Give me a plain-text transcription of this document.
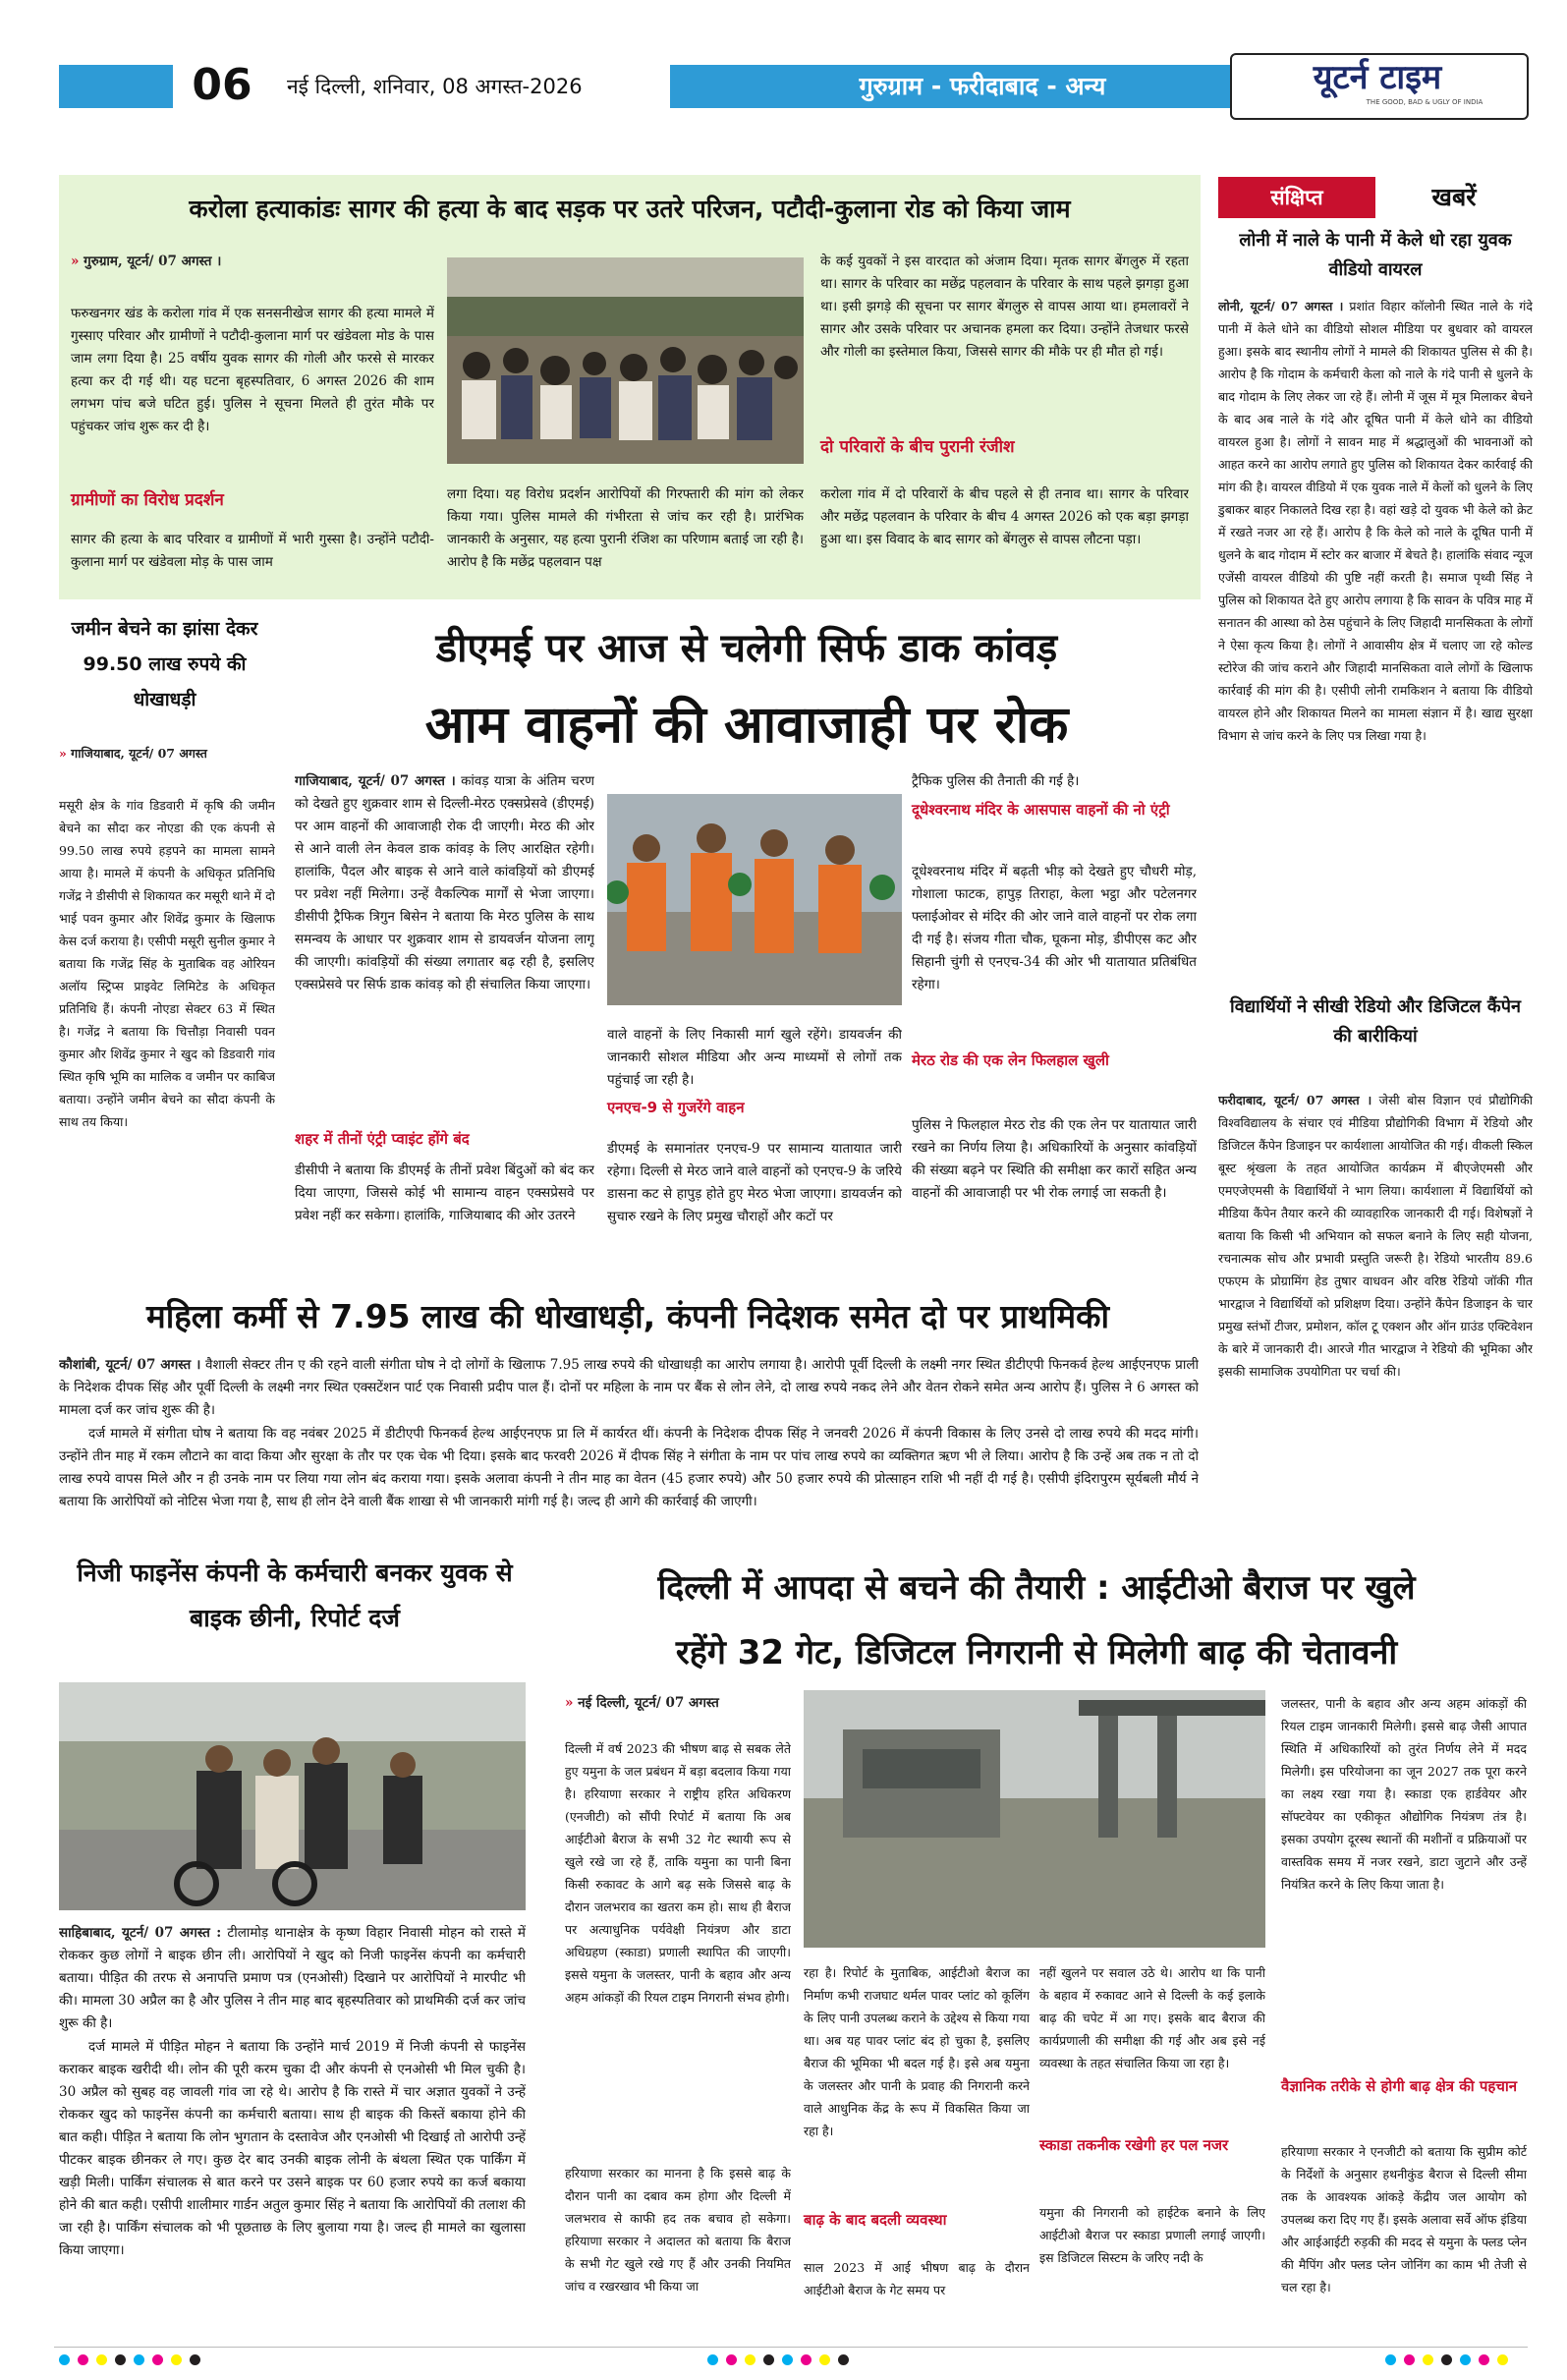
06	नई दिल्ली, शनिवार, 08 अगस्त-2026	गुरुग्राम - फरीदाबाद - अन्य	यूटर्न टाइम
THE GOOD, BAD & UGLY OF INDIA
करोला हत्याकांडः सागर की हत्या के बाद सड़क पर उतरे परिजन, पटौदी-कुलाना रोड को किया जाम
» गुरुग्राम, यूटर्न/ 07 अगस्त ।

फरुखनगर खंड के करोला गांव में एक सनसनीखेज सागर की हत्या मामले में गुस्साए परिवार और ग्रामीणों ने पटौदी-कुलाना मार्ग पर खंडेवला मोड के पास जाम लगा दिया है। 25 वर्षीय युवक सागर की गोली और फरसे से मारकर हत्या कर दी गई थी। यह घटना बृहस्पतिवार, 6 अगस्त 2026 की शाम लगभग पांच बजे घटित हुई। पुलिस ने सूचना मिलते ही तुरंत मौके पर पहुंचकर जांच शुरू कर दी है।

ग्रामीणों का विरोध प्रदर्शन

सागर की हत्या के बाद परिवार व ग्रामीणों में भारी गुस्सा है। उन्होंने पटौदी-कुलाना मार्ग पर खंडेवला मोड़ के पास जाम

लगा दिया। यह विरोध प्रदर्शन आरोपियों की गिरफ्तारी की मांग को लेकर किया गया। पुलिस मामले की गंभीरता से जांच कर रही है। प्रारंभिक जानकारी के अनुसार, यह हत्या पुरानी रंजिश का परिणाम बताई जा रही है। आरोप है कि मछेंद्र पहलवान पक्ष

के कई युवकों ने इस वारदात को अंजाम दिया। मृतक सागर बेंगलुरु में रहता था। सागर के परिवार का मछेंद्र पहलवान के परिवार के साथ पहले झगड़ा हुआ था। इसी झगड़े की सूचना पर सागर बेंगलुरु से वापस आया था। हमलावरों ने सागर और उसके परिवार पर अचानक हमला कर दिया। उन्होंने तेजधार फरसे और गोली का इस्तेमाल किया, जिससे सागर की मौके पर ही मौत हो गई।

दो परिवारों के बीच पुरानी रंजीश

करोला गांव में दो परिवारों के बीच पहले से ही तनाव था। सागर के परिवार और मछेंद्र पहलवान के परिवार के बीच 4 अगस्त 2026 को एक बड़ा झगड़ा हुआ था। इस विवाद के बाद सागर को बेंगलुरु से वापस लौटना पड़ा।

संक्षिप्त	खबरें
लोनी में नाले के पानी में केले धो रहा युवक वीडियो वायरल

लोनी, यूटर्न/ 07 अगस्त । प्रशांत विहार कॉलोनी स्थित नाले के गंदे पानी में केले धोने का वीडियो सोशल मीडिया पर बुधवार को वायरल हुआ। इसके बाद स्थानीय लोगों ने मामले की शिकायत पुलिस से की है। आरोप है कि गोदाम के कर्मचारी केला को नाले के गंदे पानी से धुलने के बाद गोदाम के लिए लेकर जा रहे हैं। लोनी में जूस में मूत्र मिलाकर बेचने के बाद अब नाले के गंदे और दूषित पानी में केले धोने का वीडियो वायरल हुआ है। लोगों ने सावन माह में श्रद्धालुओं की भावनाओं को आहत करने का आरोप लगाते हुए पुलिस को शिकायत देकर कार्रवाई की मांग की है। वायरल वीडियो में एक युवक नाले में केलों को धुलने के लिए डुबाकर बाहर निकालते दिख रहा है। वहां खड़े दो युवक भी केले को क्रेट में रखते नजर आ रहे हैं। आरोप है कि केले को नाले के दूषित पानी में धुलने के बाद गोदाम में स्टोर कर बाजार में बेचते है। हालांकि संवाद न्यूज एजेंसी वायरल वीडियो की पुष्टि नहीं करती है। समाज पृथ्वी सिंह ने पुलिस को शिकायत देते हुए आरोप लगाया है कि सावन के पवित्र माह में सनातन की आस्था को ठेस पहुंचाने के लिए जिहादी मानसिकता के लोगों ने ऐसा कृत्य किया है। लोगों ने आवासीय क्षेत्र में चलाए जा रहे कोल्ड स्टोरेज की जांच कराने और जिहादी मानसिकता वाले लोगों के खिलाफ कार्रवाई की मांग की है। एसीपी लोनी रामकिशन ने बताया कि वीडियो वायरल होने और शिकायत मिलने का मामला संज्ञान में है। खाद्य सुरक्षा विभाग से जांच करने के लिए पत्र लिखा गया है।

विद्यार्थियों ने सीखी रेडियो और डिजिटल कैंपेन की बारीकियां

फरीदाबाद, यूटर्न/ 07 अगस्त । जेसी बोस विज्ञान एवं प्रौद्योगिकी विश्वविद्यालय के संचार एवं मीडिया प्रौद्योगिकी विभाग में रेडियो और डिजिटल कैंपेन डिजाइन पर कार्यशाला आयोजित की गई। वीकली स्किल बूस्ट श्रृंखला के तहत आयोजित कार्यक्रम में बीएजेएमसी और एमएजेएमसी के विद्यार्थियों ने भाग लिया। कार्यशाला में विद्यार्थियों को मीडिया कैंपेन तैयार करने की व्यावहारिक जानकारी दी गई। विशेषज्ञों ने बताया कि किसी भी अभियान को सफल बनाने के लिए सही योजना, रचनात्मक सोच और प्रभावी प्रस्तुति जरूरी है। रेडियो भारतीय 89.6 एफएम के प्रोग्रामिंग हेड तुषार वाधवन और वरिष्ठ रेडियो जॉकी गीत भारद्वाज ने विद्यार्थियों को प्रशिक्षण दिया। उन्होंने कैंपेन डिजाइन के चार प्रमुख स्तंभों टीजर, प्रमोशन, कॉल टू एक्शन और ऑन ग्राउंड एक्टिवेशन के बारे में जानकारी दी। आरजे गीत भारद्वाज ने रेडियो की भूमिका और इसकी सामाजिक उपयोगिता पर चर्चा की।

जमीन बेचने का झांसा देकर 99.50 लाख रुपये की धोखाधड़ी
» गाजियाबाद, यूटर्न/ 07 अगस्त

मसूरी क्षेत्र के गांव डिडवारी में कृषि की जमीन बेचने का सौदा कर नोएडा की एक कंपनी से 99.50 लाख रुपये हड़पने का मामला सामने आया है। मामले में कंपनी के अधिकृत प्रतिनिधि गजेंद्र ने डीसीपी से शिकायत कर मसूरी थाने में दो भाई पवन कुमार और शिवेंद्र कुमार के खिलाफ केस दर्ज कराया है। एसीपी मसूरी सुनील कुमार ने बताया कि गजेंद्र सिंह के मुताबिक वह ओरियन अलॉय स्ट्रिप्स प्राइवेट लिमिटेड के अधिकृत प्रतिनिधि हैं। कंपनी नोएडा सेक्टर 63 में स्थित है। गजेंद्र ने बताया कि चित्तौड़ा निवासी पवन कुमार और शिवेंद्र कुमार ने खुद को डिडवारी गांव स्थित कृषि भूमि का मालिक व जमीन पर काबिज बताया। उन्होंने जमीन बेचने का सौदा कंपनी के साथ तय किया।

डीएमई पर आज से चलेगी सिर्फ डाक कांवड़
आम वाहनों की आवाजाही पर रोक

गाजियाबाद, यूटर्न/ 07 अगस्त । कांवड़ यात्रा के अंतिम चरण को देखते हुए शुक्रवार शाम से दिल्ली-मेरठ एक्सप्रेसवे (डीएमई) पर आम वाहनों की आवाजाही रोक दी जाएगी। मेरठ की ओर से आने वाली लेन केवल डाक कांवड़ के लिए आरक्षित रहेगी। हालांकि, पैदल और बाइक से आने वाले कांवड़ियों को डीएमई पर प्रवेश नहीं मिलेगा। उन्हें वैकल्पिक मार्गों से भेजा जाएगा। डीसीपी ट्रैफिक त्रिगुन बिसेन ने बताया कि मेरठ पुलिस के साथ समन्वय के आधार पर शुक्रवार शाम से डायवर्जन योजना लागू की जाएगी। कांवड़ियों की संख्या लगातार बढ़ रही है, इसलिए एक्सप्रेसवे पर सिर्फ डाक कांवड़ को ही संचालित किया जाएगा।

शहर में तीनों एंट्री प्वाइंट होंगे बंद

डीसीपी ने बताया कि डीएमई के तीनों प्रवेश बिंदुओं को बंद कर दिया जाएगा, जिससे कोई भी सामान्य वाहन एक्सप्रेसवे पर प्रवेश नहीं कर सकेगा। हालांकि, गाजियाबाद की ओर उतरने

वाले वाहनों के लिए निकासी मार्ग खुले रहेंगे। डायवर्जन की जानकारी सोशल मीडिया और अन्य माध्यमों से लोगों तक पहुंचाई जा रही है।

एनएच-9 से गुजरेंगे वाहन

डीएमई के समानांतर एनएच-9 पर सामान्य यातायात जारी रहेगा। दिल्ली से मेरठ जाने वाले वाहनों को एनएच-9 के जरिये डासना कट से हापुड़ होते हुए मेरठ भेजा जाएगा। डायवर्जन को सुचारु रखने के लिए प्रमुख चौराहों और कटों पर

ट्रैफिक पुलिस की तैनाती की गई है।

दूधेश्वरनाथ मंदिर के आसपास वाहनों की नो एंट्री

दूधेश्वरनाथ मंदिर में बढ़ती भीड़ को देखते हुए चौधरी मोड़, गोशाला फाटक, हापुड़ तिराहा, केला भट्ठा और पटेलनगर फ्लाईओवर से मंदिर की ओर जाने वाले वाहनों पर रोक लगा दी गई है। संजय गीता चौक, घूकना मोड़, डीपीएस कट और सिहानी चुंगी से एनएच-34 की ओर भी यातायात प्रतिबंधित रहेगा।

मेरठ रोड की एक लेन फिलहाल खुली

पुलिस ने फिलहाल मेरठ रोड की एक लेन पर यातायात जारी रखने का निर्णय लिया है। अधिकारियों के अनुसार कांवड़ियों की संख्या बढ़ने पर स्थिति की समीक्षा कर कारों सहित अन्य वाहनों की आवाजाही पर भी रोक लगाई जा सकती है।

महिला कर्मी से 7.95 लाख की धोखाधड़ी, कंपनी निदेशक समेत दो पर प्राथमिकी

कौशांबी, यूटर्न/ 07 अगस्त । वैशाली सेक्टर तीन ए की रहने वाली संगीता घोष ने दो लोगों के खिलाफ 7.95 लाख रुपये की धोखाधड़ी का आरोप लगाया है। आरोपी पूर्वी दिल्ली के लक्ष्मी नगर स्थित डीटीएपी फिनकर्व हेल्थ आईएनएफ प्राली के निदेशक दीपक सिंह और पूर्वी दिल्ली के लक्ष्मी नगर स्थित एक्सटेंशन पार्ट एक निवासी प्रदीप पाल हैं। दोनों पर महिला के नाम पर बैंक से लोन लेने, दो लाख रुपये नकद लेने और वेतन रोकने समेत अन्य आरोप हैं। पुलिस ने 6 अगस्त को मामला दर्ज कर जांच शुरू की है।

दर्ज मामले में संगीता घोष ने बताया कि वह नवंबर 2025 में डीटीएपी फिनकर्व हेल्थ आईएनएफ प्रा लि में कार्यरत थीं। कंपनी के निदेशक दीपक सिंह ने जनवरी 2026 में कंपनी विकास के लिए उनसे दो लाख रुपये की मदद मांगी। उन्होंने तीन माह में रकम लौटाने का वादा किया और सुरक्षा के तौर पर एक चेक भी दिया। इसके बाद फरवरी 2026 में दीपक सिंह ने संगीता के नाम पर पांच लाख रुपये का व्यक्तिगत ऋण भी ले लिया। आरोप है कि उन्हें अब तक न तो दो लाख रुपये वापस मिले और न ही उनके नाम पर लिया गया लोन बंद कराया गया। इसके अलावा कंपनी ने तीन माह का वेतन (45 हजार रुपये) और 50 हजार रुपये की प्रोत्साहन राशि भी नहीं दी गई है। एसीपी इंदिरापुरम सूर्यबली मौर्य ने बताया कि आरोपियों को नोटिस भेजा गया है, साथ ही लोन देने वाली बैंक शाखा से भी जानकारी मांगी गई है। जल्द ही आगे की कार्रवाई की जाएगी।

निजी फाइनेंस कंपनी के कर्मचारी बनकर युवक से बाइक छीनी, रिपोर्ट दर्ज

साहिबाबाद, यूटर्न/ 07 अगस्त : टीलामोड़ थानाक्षेत्र के कृष्ण विहार निवासी मोहन को रास्ते में रोककर कुछ लोगों ने बाइक छीन ली। आरोपियों ने खुद को निजी फाइनेंस कंपनी का कर्मचारी बताया। पीड़ित की तरफ से अनापत्ति प्रमाण पत्र (एनओसी) दिखाने पर आरोपियों ने मारपीट भी की। मामला 30 अप्रैल का है और पुलिस ने तीन माह बाद बृहस्पतिवार को प्राथमिकी दर्ज कर जांच शुरू की है।

दर्ज मामले में पीड़ित मोहन ने बताया कि उन्होंने मार्च 2019 में निजी कंपनी से फाइनेंस कराकर बाइक खरीदी थी। लोन की पूरी करम चुका दी और कंपनी से एनओसी भी मिल चुकी है। 30 अप्रैल को सुबह वह जावली गांव जा रहे थे। आरोप है कि रास्ते में चार अज्ञात युवकों ने उन्हें रोककर खुद को फाइनेंस कंपनी का कर्मचारी बताया। साथ ही बाइक की किस्तें बकाया होने की बात कही। पीड़ित ने बताया कि लोन भुगतान के दस्तावेज और एनओसी भी दिखाई तो आरोपी उन्हें पीटकर बाइक छीनकर ले गए। कुछ देर बाद उनकी बाइक लोनी के बंथला स्थित एक पार्किंग में खड़ी मिली। पार्किंग संचालक से बात करने पर उसने बाइक पर 60 हजार रुपये का कर्ज बकाया होने की बात कही। एसीपी शालीमार गार्डन अतुल कुमार सिंह ने बताया कि आरोपियों की तलाश की जा रही है। पार्किंग संचालक को भी पूछताछ के लिए बुलाया गया है। जल्द ही मामले का खुलासा किया जाएगा।

दिल्ली में आपदा से बचने की तैयारी : आईटीओ बैराज पर खुले
रहेंगे 32 गेट, डिजिटल निगरानी से मिलेगी बाढ़ की चेतावनी
» नई दिल्ली, यूटर्न/ 07 अगस्त

दिल्ली में वर्ष 2023 की भीषण बाढ़ से सबक लेते हुए यमुना के जल प्रबंधन में बड़ा बदलाव किया गया है। हरियाणा सरकार ने राष्ट्रीय हरित अधिकरण (एनजीटी) को सौंपी रिपोर्ट में बताया कि अब आईटीओ बैराज के सभी 32 गेट स्थायी रूप से खुले रखे जा रहे हैं, ताकि यमुना का पानी बिना किसी रुकावट के आगे बढ़ सके जिससे बाढ़ के दौरान जलभराव का खतरा कम हो। साथ ही बैराज पर अत्याधुनिक पर्यवेक्षी नियंत्रण और डाटा अधिग्रहण (स्काडा) प्रणाली स्थापित की जाएगी। इससे यमुना के जलस्तर, पानी के बहाव और अन्य अहम आंकड़ों की रियल टाइम निगरानी संभव होगी।

हरियाणा सरकार का मानना है कि इससे बाढ़ के दौरान पानी का दबाव कम होगा और दिल्ली में जलभराव से काफी हद तक बचाव हो सकेगा। हरियाणा सरकार ने अदालत को बताया कि बैराज के सभी गेट खुले रखे गए हैं और उनकी नियमित जांच व रखरखाव भी किया जा

रहा है। रिपोर्ट के मुताबिक, आईटीओ बैराज का निर्माण कभी राजघाट थर्मल पावर प्लांट को कूलिंग के लिए पानी उपलब्ध कराने के उद्देश्य से किया गया था। अब यह पावर प्लांट बंद हो चुका है, इसलिए बैराज की भूमिका भी बदल गई है। इसे अब यमुना के जलस्तर और पानी के प्रवाह की निगरानी करने वाले आधुनिक केंद्र के रूप में विकसित किया जा रहा है।

बाढ़ के बाद बदली व्यवस्था

साल 2023 में आई भीषण बाढ़ के दौरान आईटीओ बैराज के गेट समय पर

नहीं खुलने पर सवाल उठे थे। आरोप था कि पानी के बहाव में रुकावट आने से दिल्ली के कई इलाके बाढ़ की चपेट में आ गए। इसके बाद बैराज की कार्यप्रणाली की समीक्षा की गई और अब इसे नई व्यवस्था के तहत संचालित किया जा रहा है।

स्काडा तकनीक रखेगी हर पल नजर

यमुना की निगरानी को हाईटेक बनाने के लिए आईटीओ बैराज पर स्काडा प्रणाली लगाई जाएगी। इस डिजिटल सिस्टम के जरिए नदी के

जलस्तर, पानी के बहाव और अन्य अहम आंकड़ों की रियल टाइम जानकारी मिलेगी। इससे बाढ़ जैसी आपात स्थिति में अधिकारियों को तुरंत निर्णय लेने में मदद मिलेगी। इस परियोजना का जून 2027 तक पूरा करने का लक्ष्य रखा गया है। स्काडा एक हार्डवेयर और सॉफ्टवेयर का एकीकृत औद्योगिक नियंत्रण तंत्र है। इसका उपयोग दूरस्थ स्थानों की मशीनों व प्रक्रियाओं पर वास्तविक समय में नजर रखने, डाटा जुटाने और उन्हें नियंत्रित करने के लिए किया जाता है।

वैज्ञानिक तरीके से होगी बाढ़ क्षेत्र की पहचान

हरियाणा सरकार ने एनजीटी को बताया कि सुप्रीम कोर्ट के निर्देशों के अनुसार हथनीकुंड बैराज से दिल्ली सीमा तक के आवश्यक आंकड़े केंद्रीय जल आयोग को उपलब्ध करा दिए गए हैं। इसके अलावा सर्वे ऑफ इंडिया और आईआईटी रुड़की की मदद से यमुना के फ्लड प्लेन की मैपिंग और फ्लड प्लेन जोनिंग का काम भी तेजी से चल रहा है।
